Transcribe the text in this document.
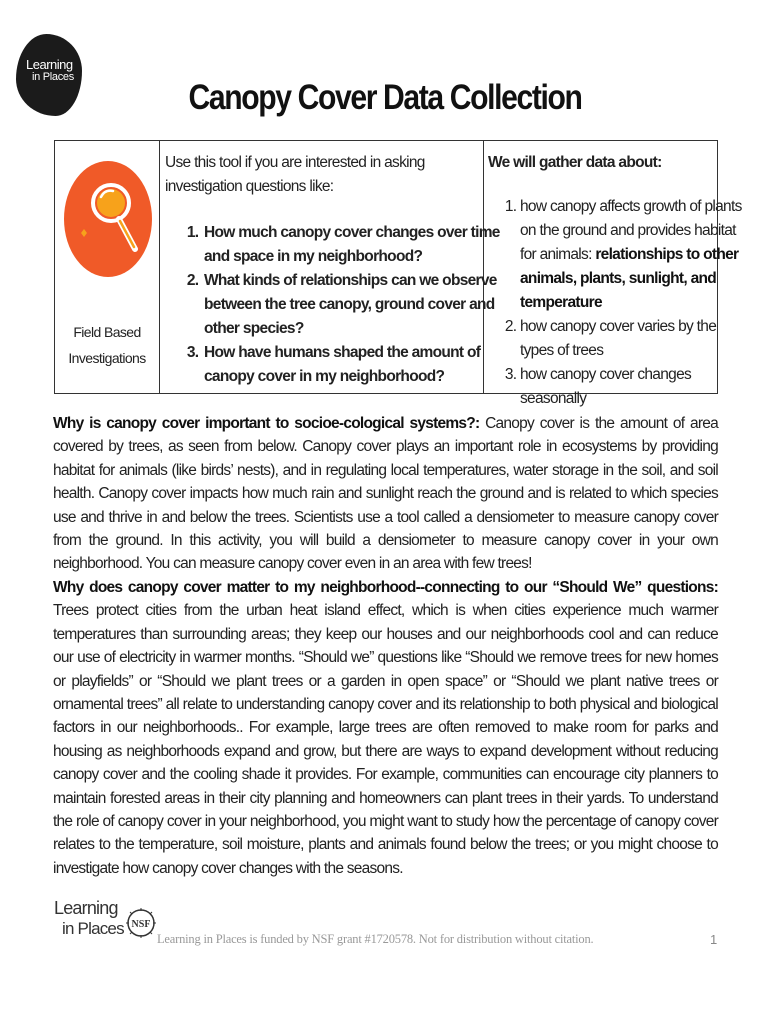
Learning
in Places
Canopy Cover Data Collection
Field Based Investigations
Use this tool if you are interested in asking investigation questions like:
1. How much canopy cover changes over time and space in my neighborhood?
2. What kinds of relationships can we observe between the tree canopy, ground cover and other species?
3. How have humans shaped the amount of canopy cover in my neighborhood?
We will gather data about:
1. how canopy affects growth of plants on the ground and provides habitat for animals: relationships to other animals, plants, sunlight, and temperature
2. how canopy cover varies by the types of trees
3. how canopy cover changes seasonally

Why is canopy cover important to socioe-cological systems?: Canopy cover is the amount of area covered by trees, as seen from below. Canopy cover plays an important role in ecosystems by providing habitat for animals (like birds’ nests), and in regulating local temperatures, water storage in the soil, and soil health. Canopy cover impacts how much rain and sunlight reach the ground and is related to which species use and thrive in and below the trees. Scientists use a tool called a densiometer to measure canopy cover from the ground. In this activity, you will build a densiometer to measure canopy cover in your own neighborhood. You can measure canopy cover even in an area with few trees!

Why does canopy cover matter to my neighborhood--connecting to our “Should We” questions: Trees protect cities from the urban heat island effect, which is when cities experience much warmer temperatures than surrounding areas; they keep our houses and our neighborhoods cool and can reduce our use of electricity in warmer months. “Should we” questions like “Should we remove trees for new homes or playfields” or “Should we plant trees or a garden in open space” or “Should we plant native trees or ornamental trees” all relate to understanding canopy cover and its relationship to both physical and biological factors in our neighborhoods.. For example, large trees are often removed to make room for parks and housing as neighborhoods expand and grow, but there are ways to expand development without reducing canopy cover and the cooling shade it provides. For example, communities can encourage city planners to maintain forested areas in their city planning and homeowners can plant trees in their yards. To understand the role of canopy cover in your neighborhood, you might want to study how the percentage of canopy cover relates to the temperature, soil moisture, plants and animals found below the trees; or you might choose to investigate how canopy cover changes with the seasons.

Learning
in Places NSF
Learning in Places is funded by NSF grant #1720578. Not for distribution without citation.	1
